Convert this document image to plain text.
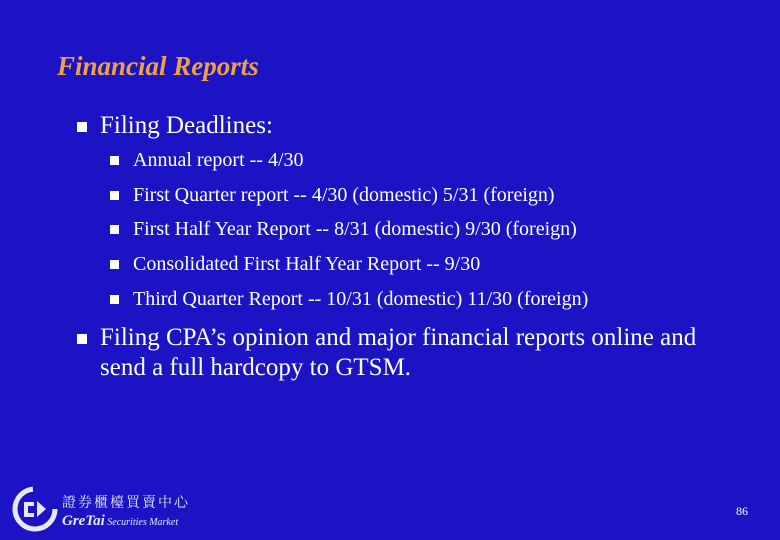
Financial Reports
Filing Deadlines:
Annual report -- 4/30
First Quarter report -- 4/30 (domestic) 5/31 (foreign)
First Half Year Report -- 8/31 (domestic) 9/30 (foreign)
Consolidated First Half Year Report -- 9/30
Third Quarter Report -- 10/31 (domestic) 11/30 (foreign)
Filing CPA’s opinion and major financial reports online and send a full hardcopy to GTSM.
證券櫃檯買賣中心
GreTai Securities Market
86
